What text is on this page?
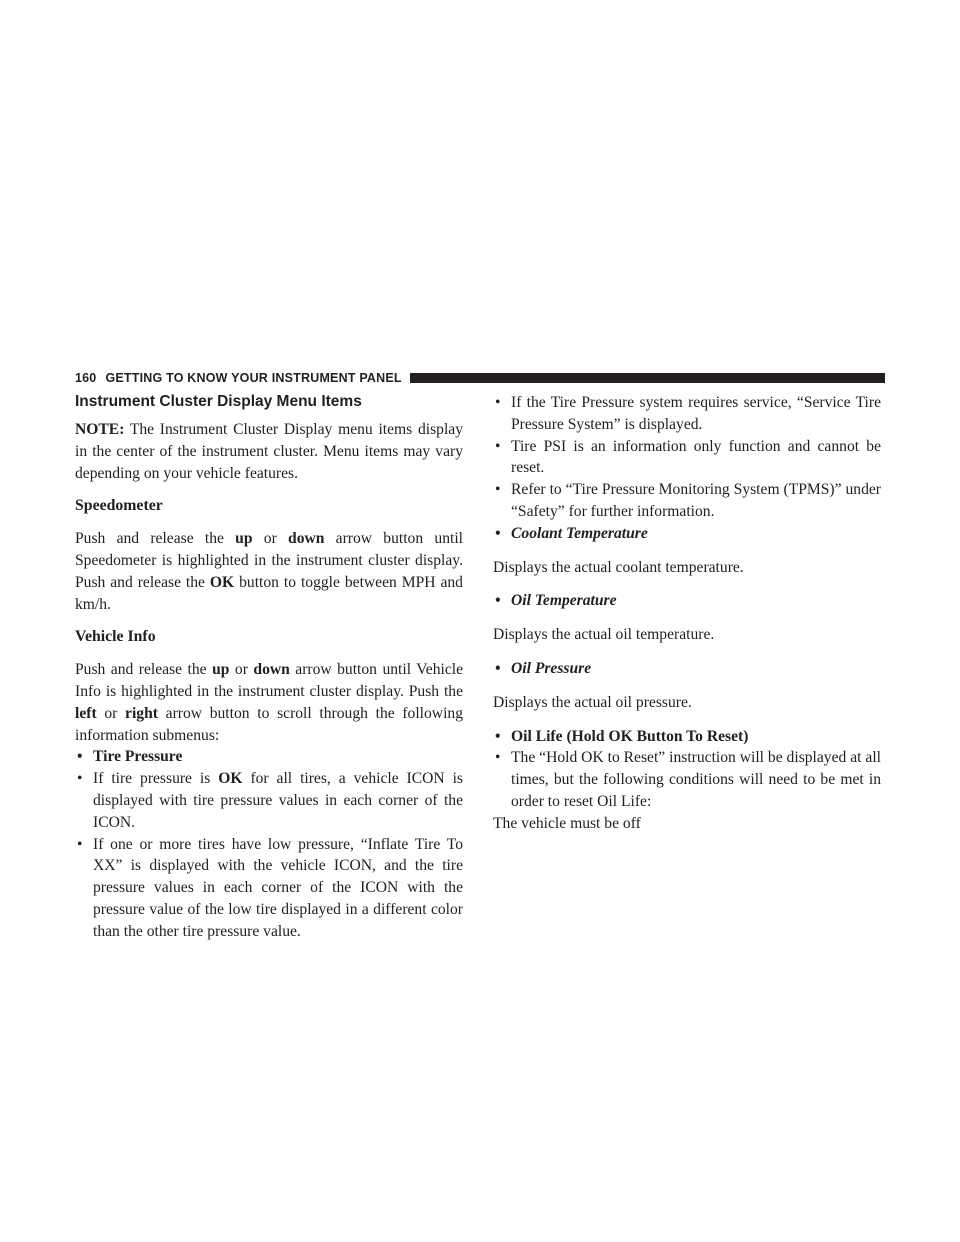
160 GETTING TO KNOW YOUR INSTRUMENT PANEL
Instrument Cluster Display Menu Items

NOTE: The Instrument Cluster Display menu items display in the center of the instrument cluster. Menu items may vary depending on your vehicle features.

Speedometer

Push and release the up or down arrow button until Speedometer is highlighted in the instrument cluster display. Push and release the OK button to toggle between MPH and km/h.

Vehicle Info

Push and release the up or down arrow button until Vehicle Info is highlighted in the instrument cluster display. Push the left or right arrow button to scroll through the following information submenus:

• Tire Pressure
• If tire pressure is OK for all tires, a vehicle ICON is displayed with tire pressure values in each corner of the ICON.
• If one or more tires have low pressure, “Inflate Tire To XX” is displayed with the vehicle ICON, and the tire pressure values in each corner of the ICON with the pressure value of the low tire displayed in a different color than the other tire pressure value.
• If the Tire Pressure system requires service, “Service Tire Pressure System” is displayed.
• Tire PSI is an information only function and cannot be reset.
• Refer to “Tire Pressure Monitoring System (TPMS)” under “Safety” for further information.
• Coolant Temperature

Displays the actual coolant temperature.

• Oil Temperature

Displays the actual oil temperature.

• Oil Pressure

Displays the actual oil pressure.

• Oil Life (Hold OK Button To Reset)
• The “Hold OK to Reset” instruction will be displayed at all times, but the following conditions will need to be met in order to reset Oil Life:

The vehicle must be off
